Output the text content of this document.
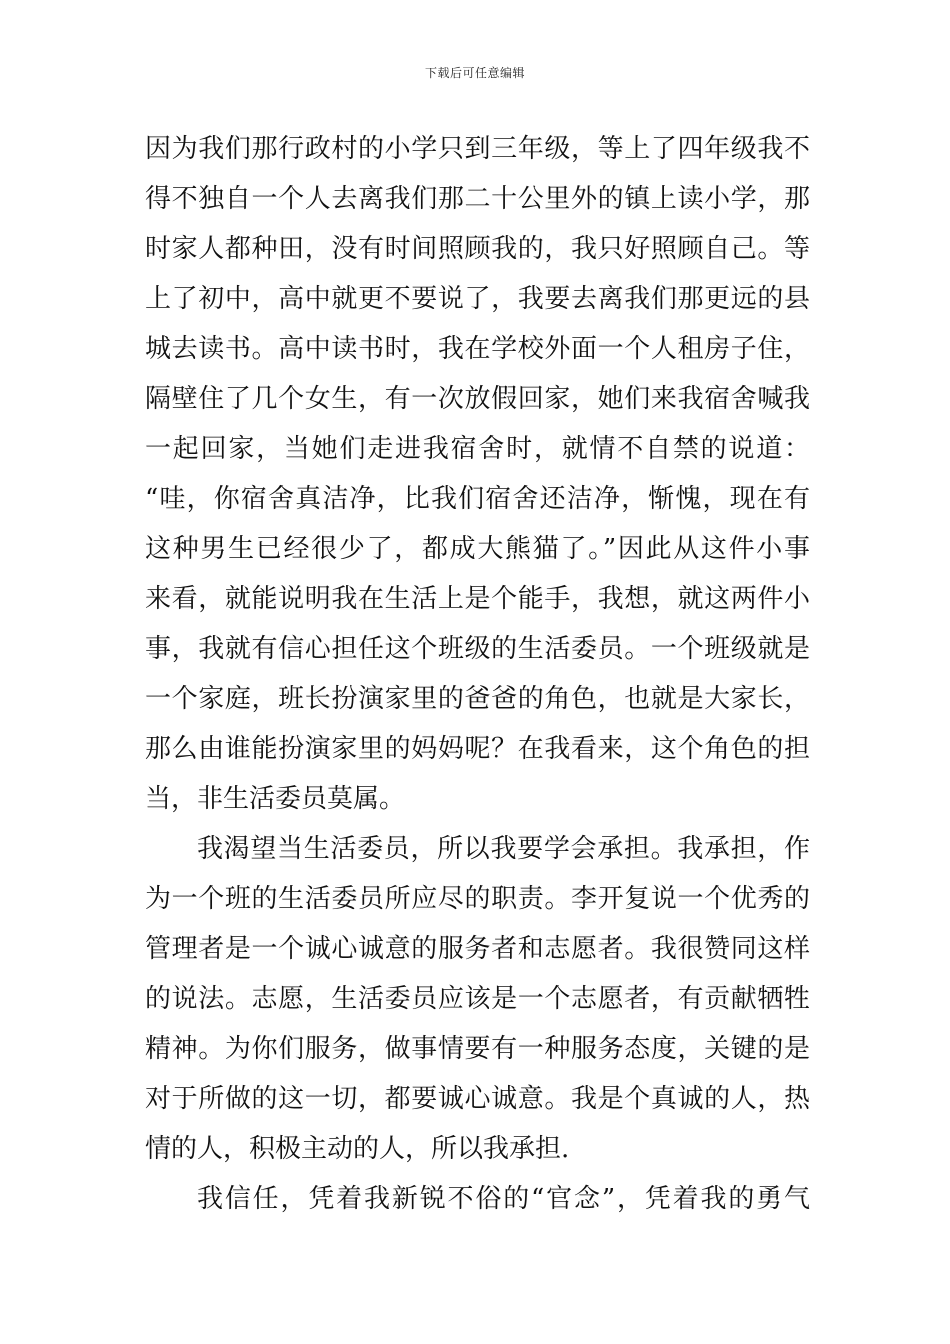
下载后可任意编辑
因为我们那行政村的小学只到三年级，等上了四年级我不
得不独自一个人去离我们那二十公里外的镇上读小学，那
时家人都种田，没有时间照顾我的，我只好照顾自己。等
上了初中，高中就更不要说了，我要去离我们那更远的县
城去读书。高中读书时，我在学校外面一个人租房子住，
隔壁住了几个女生，有一次放假回家，她们来我宿舍喊我
一起回家，当她们走进我宿舍时，就情不自禁的说道：
“哇，你宿舍真洁净，比我们宿舍还洁净，惭愧，现在有
这种男生已经很少了，都成大熊猫了。”因此从这件小事
来看，就能说明我在生活上是个能手，我想，就这两件小
事，我就有信心担任这个班级的生活委员。一个班级就是
一个家庭，班长扮演家里的爸爸的角色，也就是大家长，
那么由谁能扮演家里的妈妈呢？在我看来，这个角色的担
当，非生活委员莫属。
我渴望当生活委员，所以我要学会承担。我承担，作
为一个班的生活委员所应尽的职责。李开复说一个优秀的
管理者是一个诚心诚意的服务者和志愿者。我很赞同这样
的说法。志愿，生活委员应该是一个志愿者，有贡献牺牲
精神。为你们服务，做事情要有一种服务态度，关键的是
对于所做的这一切，都要诚心诚意。我是个真诚的人，热
情的人，积极主动的人，所以我承担.
我信任，凭着我新锐不俗的“官念”，凭着我的勇气
